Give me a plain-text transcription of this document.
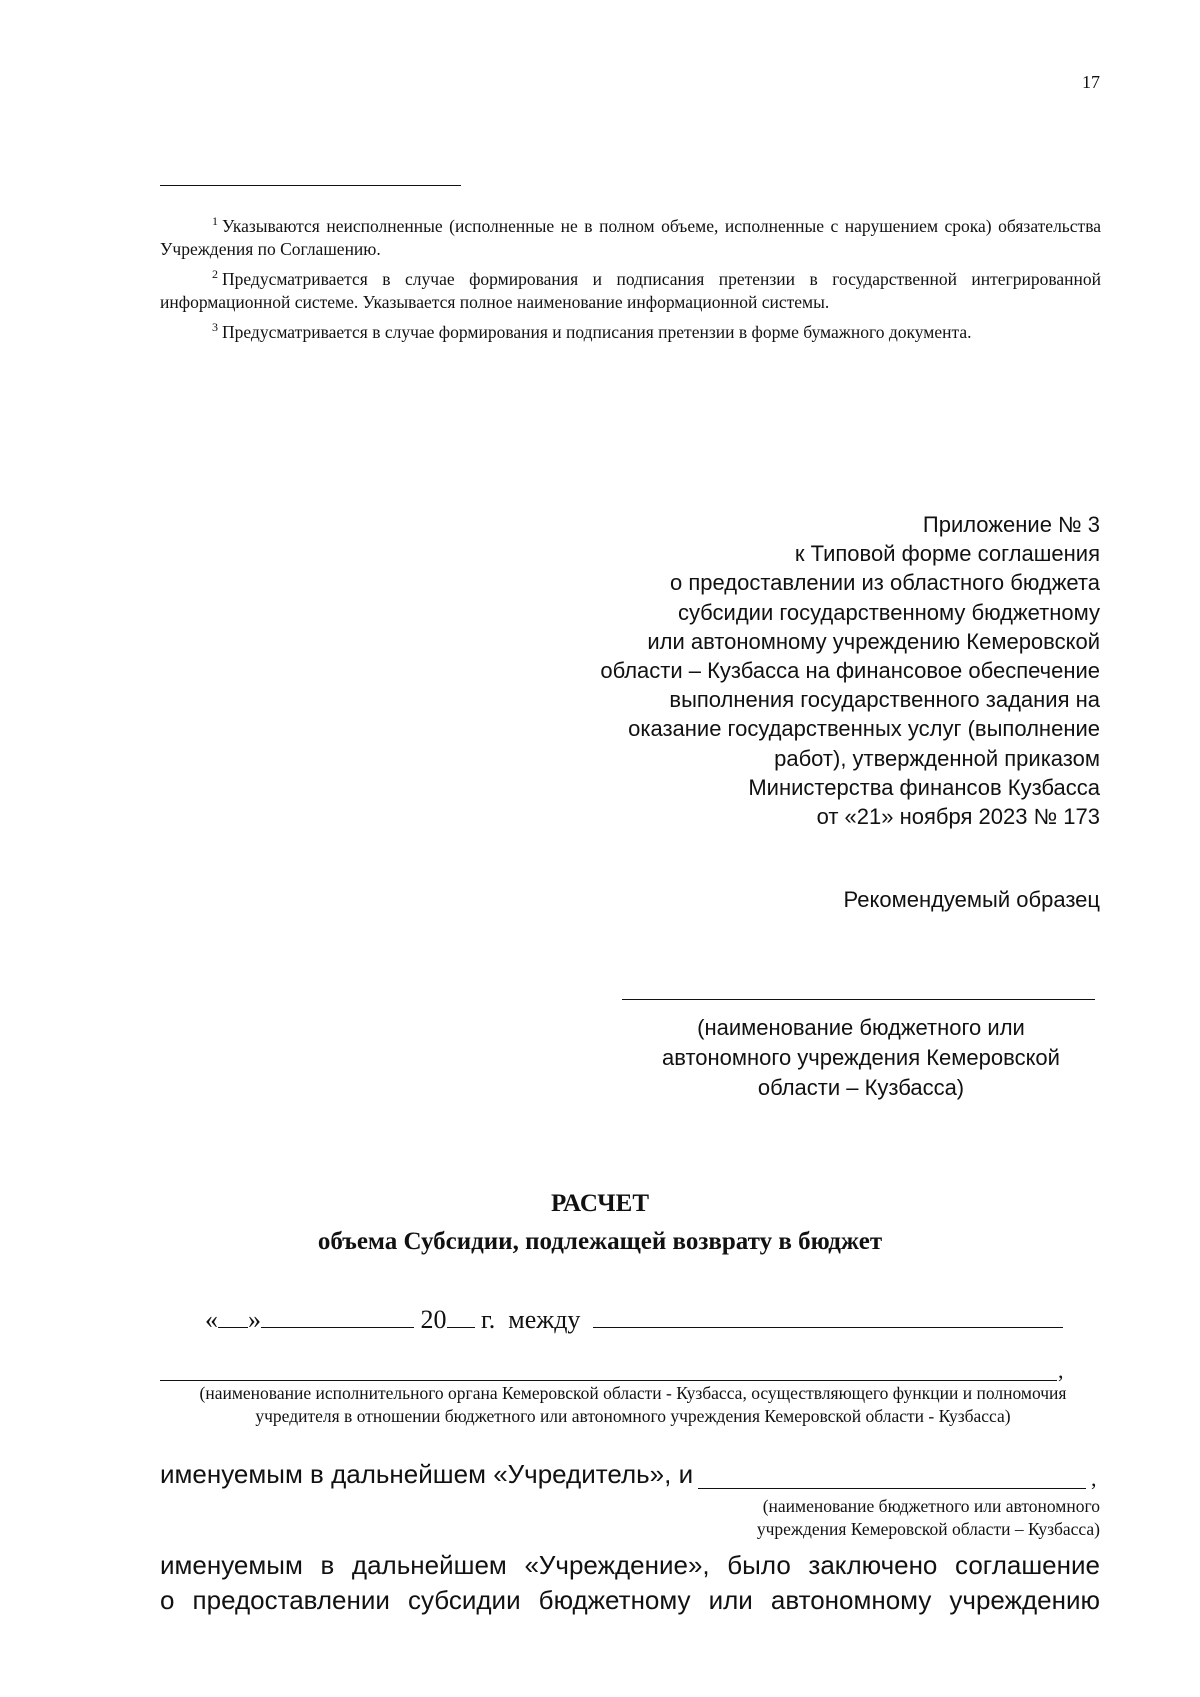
17

$^1$ Указываются неисполненные (исполненные не в полном объеме, исполненные с нарушением срока) обязательства Учреждения по Соглашению.

$^2$ Предусматривается в случае формирования и подписания претензии в государственной интегрированной информационной системе. Указывается полное наименование информационной системы.

$^3$ Предусматривается в случае формирования и подписания претензии в форме бумажного документа.

Приложение № 3
к Типовой форме соглашения
о предоставлении из областного бюджета
субсидии государственному бюджетному
или автономному учреждению Кемеровской
области – Кузбасса на финансовое обеспечение
выполнения государственного задания на
оказание государственных услуг (выполнение
работ), утвержденной приказом
Министерства финансов Кузбасса
от «21» ноября 2023 № 173
Рекомендуемый образец
(наименование бюджетного или
автономного учреждения Кемеровской
области – Кузбасса)
РАСЧЕТ
объема Субсидии, подлежащей возврату в бюджет
« »	20 г. между
,
(наименование исполнительного органа Кемеровской области - Кузбасса, осуществляющего функции и полномочия учредителя в отношении бюджетного или автономного учреждения Кемеровской области - Кузбасса)
именуемым в дальнейшем «Учредитель», и	,
(наименование бюджетного или автономного
учреждения Кемеровской области – Кузбасса)
именуемым в дальнейшем «Учреждение», было заключено соглашение
о предоставлении субсидии бюджетному или автономному учреждению
